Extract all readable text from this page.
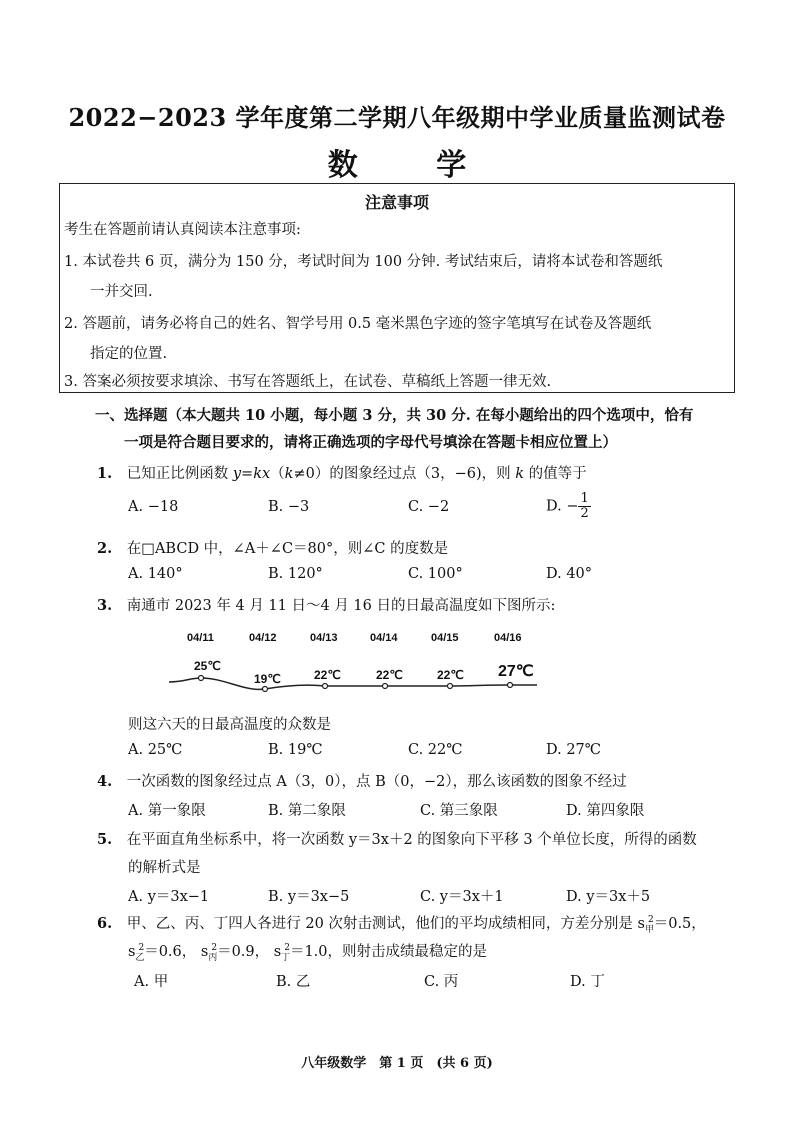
2022−2023 学年度第二学期八年级期中学业质量监测试卷
数 学
注意事项
考生在答题前请认真阅读本注意事项:
1. 本试卷共 6 页，满分为 150 分，考试时间为 100 分钟. 考试结束后，请将本试卷和答题纸
一并交回.
2. 答题前，请务必将自己的姓名、智学号用 0.5 毫米黑色字迹的签字笔填写在试卷及答题纸
指定的位置.
3. 答案必须按要求填涂、书写在答题纸上，在试卷、草稿纸上答题一律无效.
一、选择题（本大题共 10 小题，每小题 3 分，共 30 分. 在每小题给出的四个选项中，恰有
一项是符合题目要求的，请将正确选项的字母代号填涂在答题卡相应位置上）
1. 已知正比例函数 y=kx（k≠0）的图象经过点（3，−6)，则 k 的值等于
A. −18	B. −3	C. −2	D. − $\frac{1}{2}$
2. 在□ABCD 中，∠A＋∠C＝80°，则∠C 的度数是
A. 140°	B. 120°	C. 100°	D. 40°
3. 南通市 2023 年 4 月 11 日～4 月 16 日的日最高温度如下图所示:
04/11	04/12	04/13	04/14	04/15	04/16
25℃
19℃	22℃	22℃	22℃ 27℃
则这六天的日最高温度的众数是
A. 25℃	B. 19℃	C. 22℃	D. 27℃
4. 一次函数的图象经过点 A（3，0），点 B（0，−2），那么该函数的图象不经过
A. 第一象限	B. 第二象限	C. 第三象限	D. 第四象限
5. 在平面直角坐标系中，将一次函数 y＝3x＋2 的图象向下平移 3 个单位长度，所得的函数
的解析式是
A. y＝3x−1	B. y＝3x−5	C. y＝3x＋1	D. y＝3x＋5
6. 甲、乙、丙、丁四人各进行 20 次射击测试，他们的平均成绩相同，方差分别是 $s_甲^2=0.5$，
$s_乙^2=0.6$， $s_丙^2=0.9$， $s_丁^2=1.0$，则射击成绩最稳定的是
A. 甲	B. 乙	C. 丙	D. 丁
八年级数学　第 1 页　(共 6 页)
